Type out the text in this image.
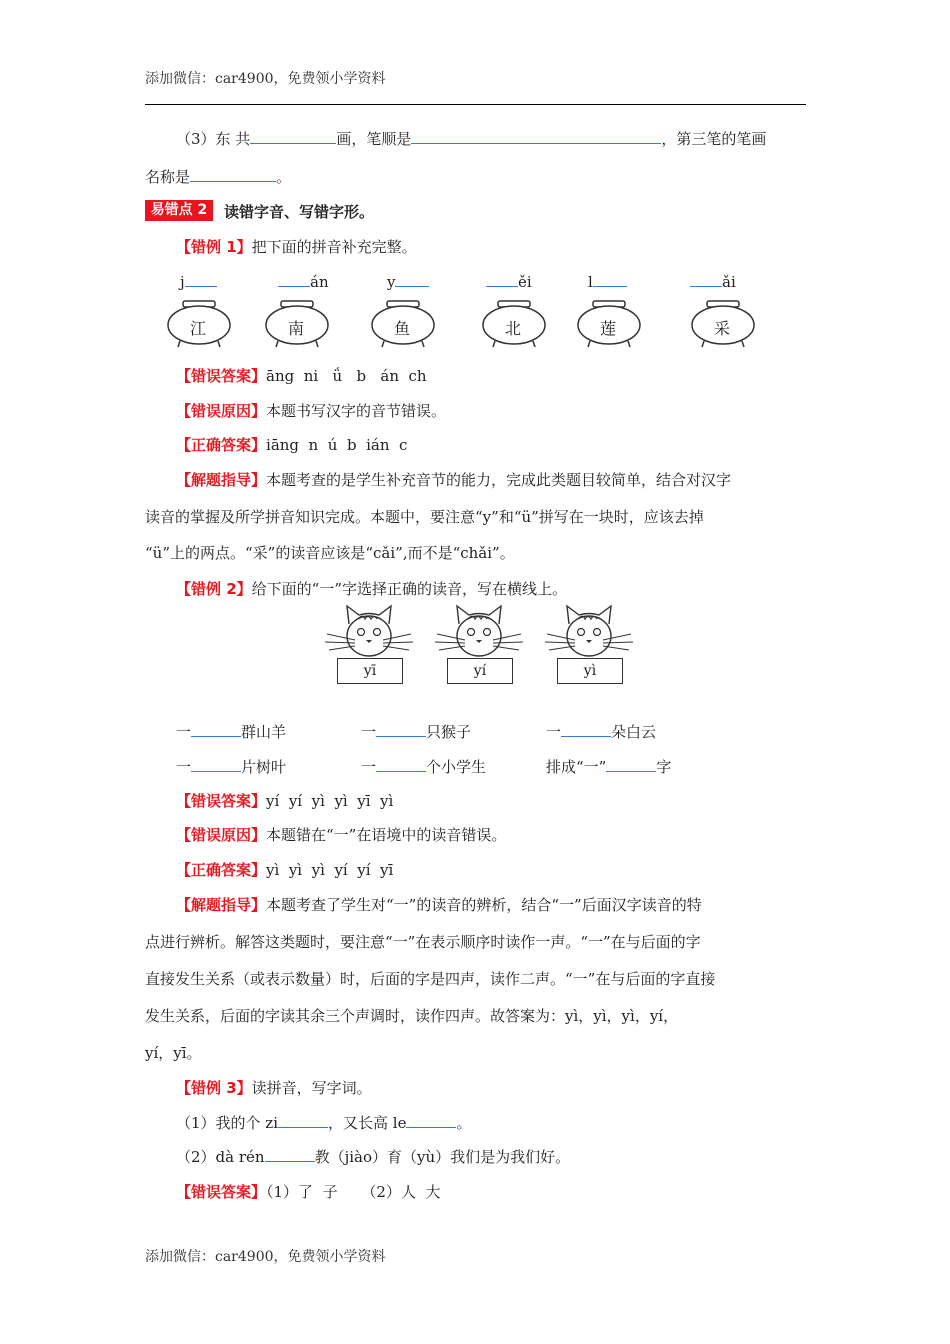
添加微信：car4900，免费领小学资料
（3）东 共	画，笔顺是	，第三笔的笔画
名称是	。
易错点 2	读错字音、写错字形。
【错例 1】把下面的拼音补充完整。
j	án	y	ěi	l	ǎi
江	南	鱼	北	莲	采
【错误答案】āng  ni   ǘ   b   án  ch
【错误原因】本题书写汉字的音节错误。
【正确答案】iāng  n  ú  b  ián  c
【解题指导】本题考查的是学生补充音节的能力，完成此类题目较简单，结合对汉字
读音的掌握及所学拼音知识完成。本题中，要注意“y”和“ü”拼写在一块时，应该去掉
“ü”上的两点。“采”的读音应该是“cǎi”,而不是“chǎi”。
【错例 2】给下面的“一”字选择正确的读音，写在横线上。
yī	yí	yì
一	群山羊	一	只猴子	一	朵白云
一	片树叶	一	个小学生	排成“一”	字
【错误答案】yí  yí  yì  yì  yī  yì
【错误原因】本题错在“一”在语境中的读音错误。
【正确答案】yì  yì  yì  yí  yí  yī
【解题指导】本题考查了学生对“一”的读音的辨析，结合“一”后面汉字读音的特
点进行辨析。解答这类题时，要注意“一”在表示顺序时读作一声。“一”在与后面的字
直接发生关系（或表示数量）时，后面的字是四声，读作二声。“一”在与后面的字直接
发生关系，后面的字读其余三个声调时，读作四声。故答案为：yì，yì，yì，yí，
yí，yī。
【错例 3】读拼音，写字词。
（1）我的个 zi	，又长高 le	。
（2）dà rén	教（jiào）育（yù）我们是为我们好。
【错误答案】（1）了  子     （2）人  大
添加微信：car4900，免费领小学资料
